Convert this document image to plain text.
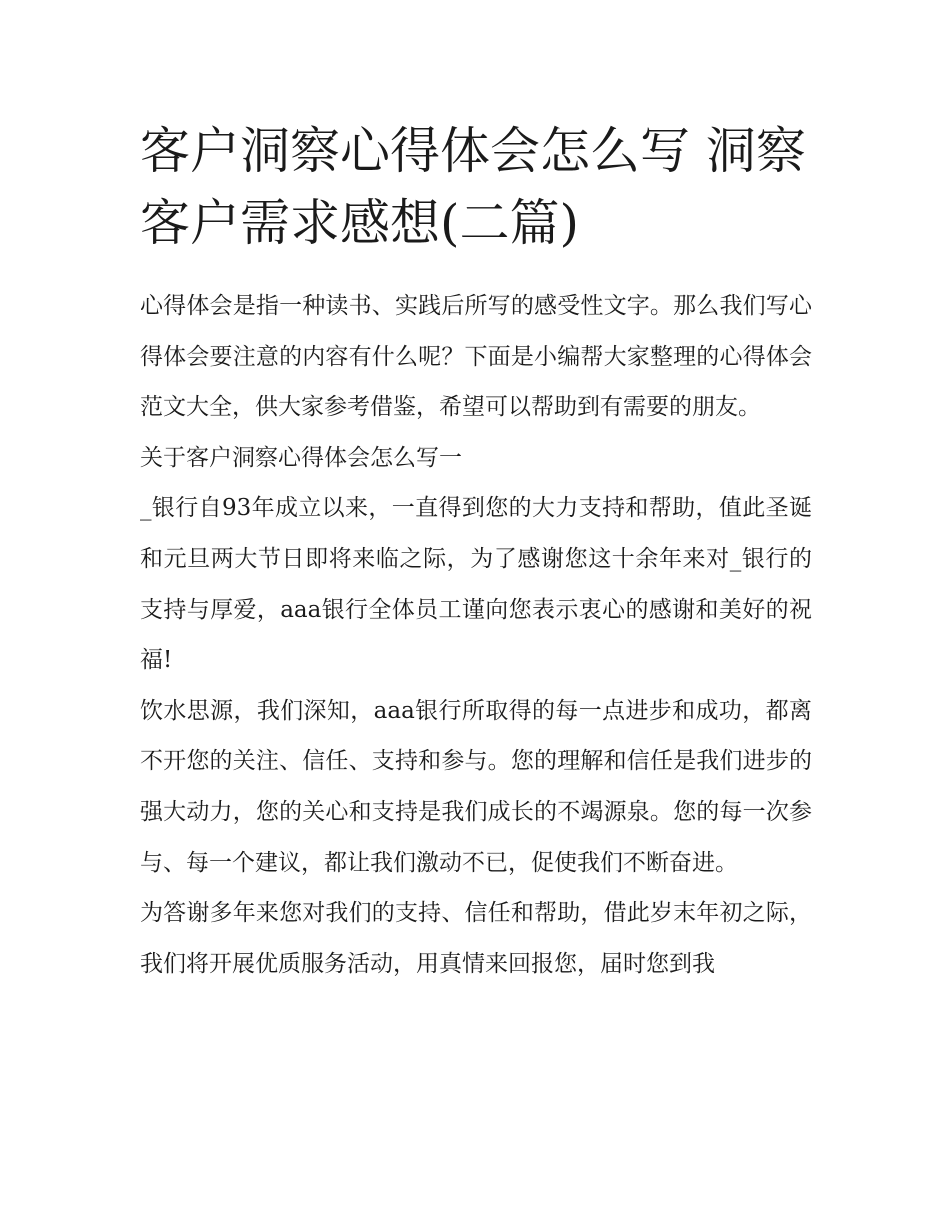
客户洞察心得体会怎么写 洞察客户需求感想(二篇)

心得体会是指一种读书、实践后所写的感受性文字。那么我们写心得体会要注意的内容有什么呢？下面是小编帮大家整理的心得体会范文大全，供大家参考借鉴，希望可以帮助到有需要的朋友。

关于客户洞察心得体会怎么写一

_银行自93年成立以来，一直得到您的大力支持和帮助，值此圣诞和元旦两大节日即将来临之际，为了感谢您这十余年来对_银行的支持与厚爱，aaa银行全体员工谨向您表示衷心的感谢和美好的祝福!

饮水思源，我们深知，aaa银行所取得的每一点进步和成功，都离不开您的关注、信任、支持和参与。您的理解和信任是我们进步的强大动力，您的关心和支持是我们成长的不竭源泉。您的每一次参与、每一个建议，都让我们激动不已，促使我们不断奋进。

为答谢多年来您对我们的支持、信任和帮助，借此岁末年初之际，我们将开展优质服务活动，用真情来回报您，届时您到我
